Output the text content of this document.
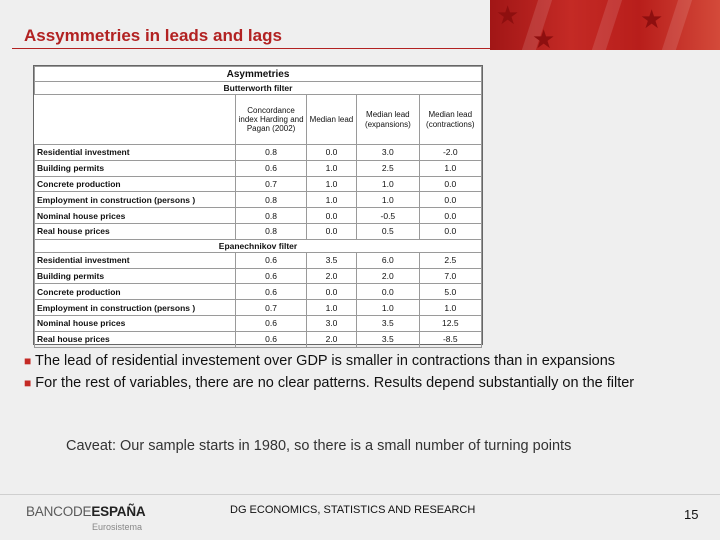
★
★
★
Assymmetries in leads and lags
Asymmetries				
Butterworth filter				
	Concordance index Harding and Pagan (2002)	Median lead	Median lead (expansions)	Median lead (contractions)
Residential investment	0.8	0.0	3.0	-2.0
Building permits	0.6	1.0	2.5	1.0
Concrete production	0.7	1.0	1.0	0.0
Employment in construction (persons )	0.8	1.0	1.0	0.0
Nominal house prices	0.8	0.0	-0.5	0.0
Real house prices	0.8	0.0	0.5	0.0
Epanechnikov filter				
Residential investment	0.6	3.5	6.0	2.5
Building permits	0.6	2.0	2.0	7.0
Concrete production	0.6	0.0	0.0	5.0
Employment in construction (persons )	0.7	1.0	1.0	1.0
Nominal house prices	0.6	3.0	3.5	12.5
Real house prices	0.6	2.0	3.5	-8.5

■ The lead of residential investement over GDP is smaller in contractions than in expansions

■ For the rest of variables, there are no clear patterns. Results depend substantially on the filter

Caveat: Our sample starts in 1980, so there is a small number of turning points
BANCODEESPAÑA
Eurosistema
DG ECONOMICS, STATISTICS AND RESEARCH	15
